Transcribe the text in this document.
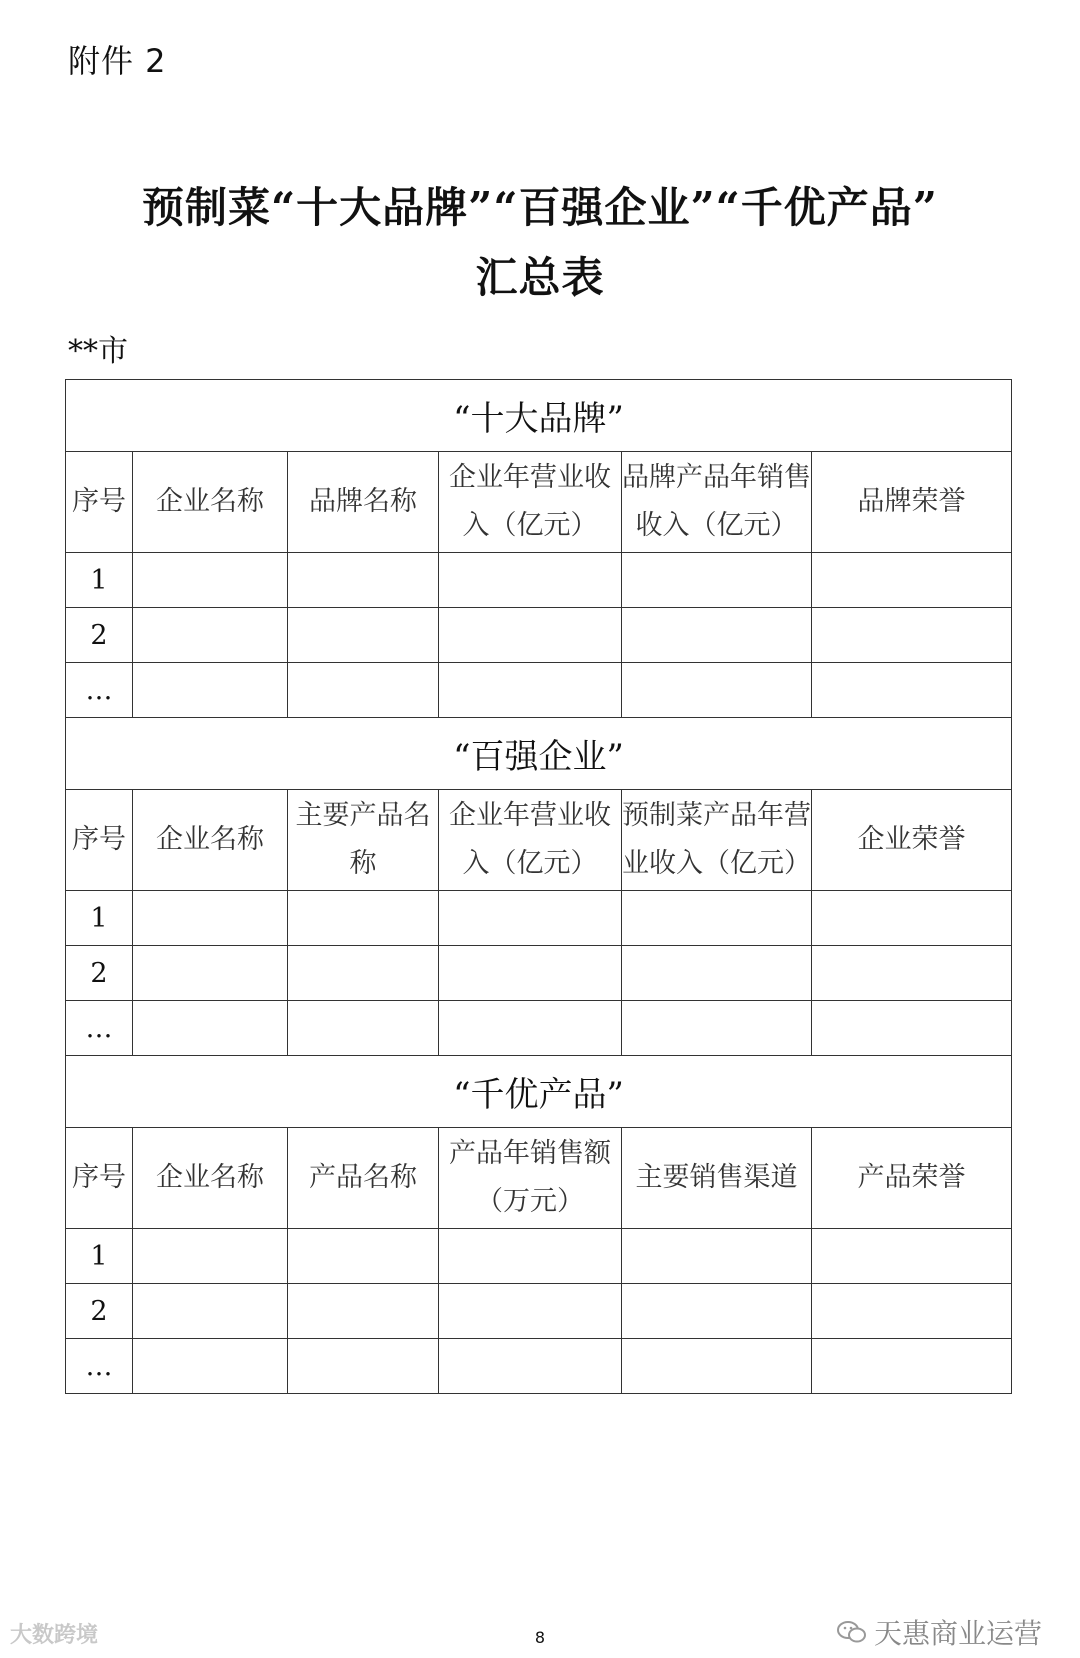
附件 2
预制菜“十大品牌”“百强企业”“千优产品”
汇总表
**市
“十大品牌”					
序号	企业名称	品牌名称	企业年营业收入（亿元）	品牌产品年销售收入（亿元）	品牌荣誉
1					
2					
…					
“百强企业”					
序号	企业名称	主要产品名称	企业年营业收入（亿元）	预制菜产品年营业收入（亿元）	企业荣誉
1					
2					
…					
“千优产品”					
序号	企业名称	产品名称	产品年销售额（万元）	主要销售渠道	产品荣誉
1					
2					
…					
大数跨境	天惠商业运营
8
